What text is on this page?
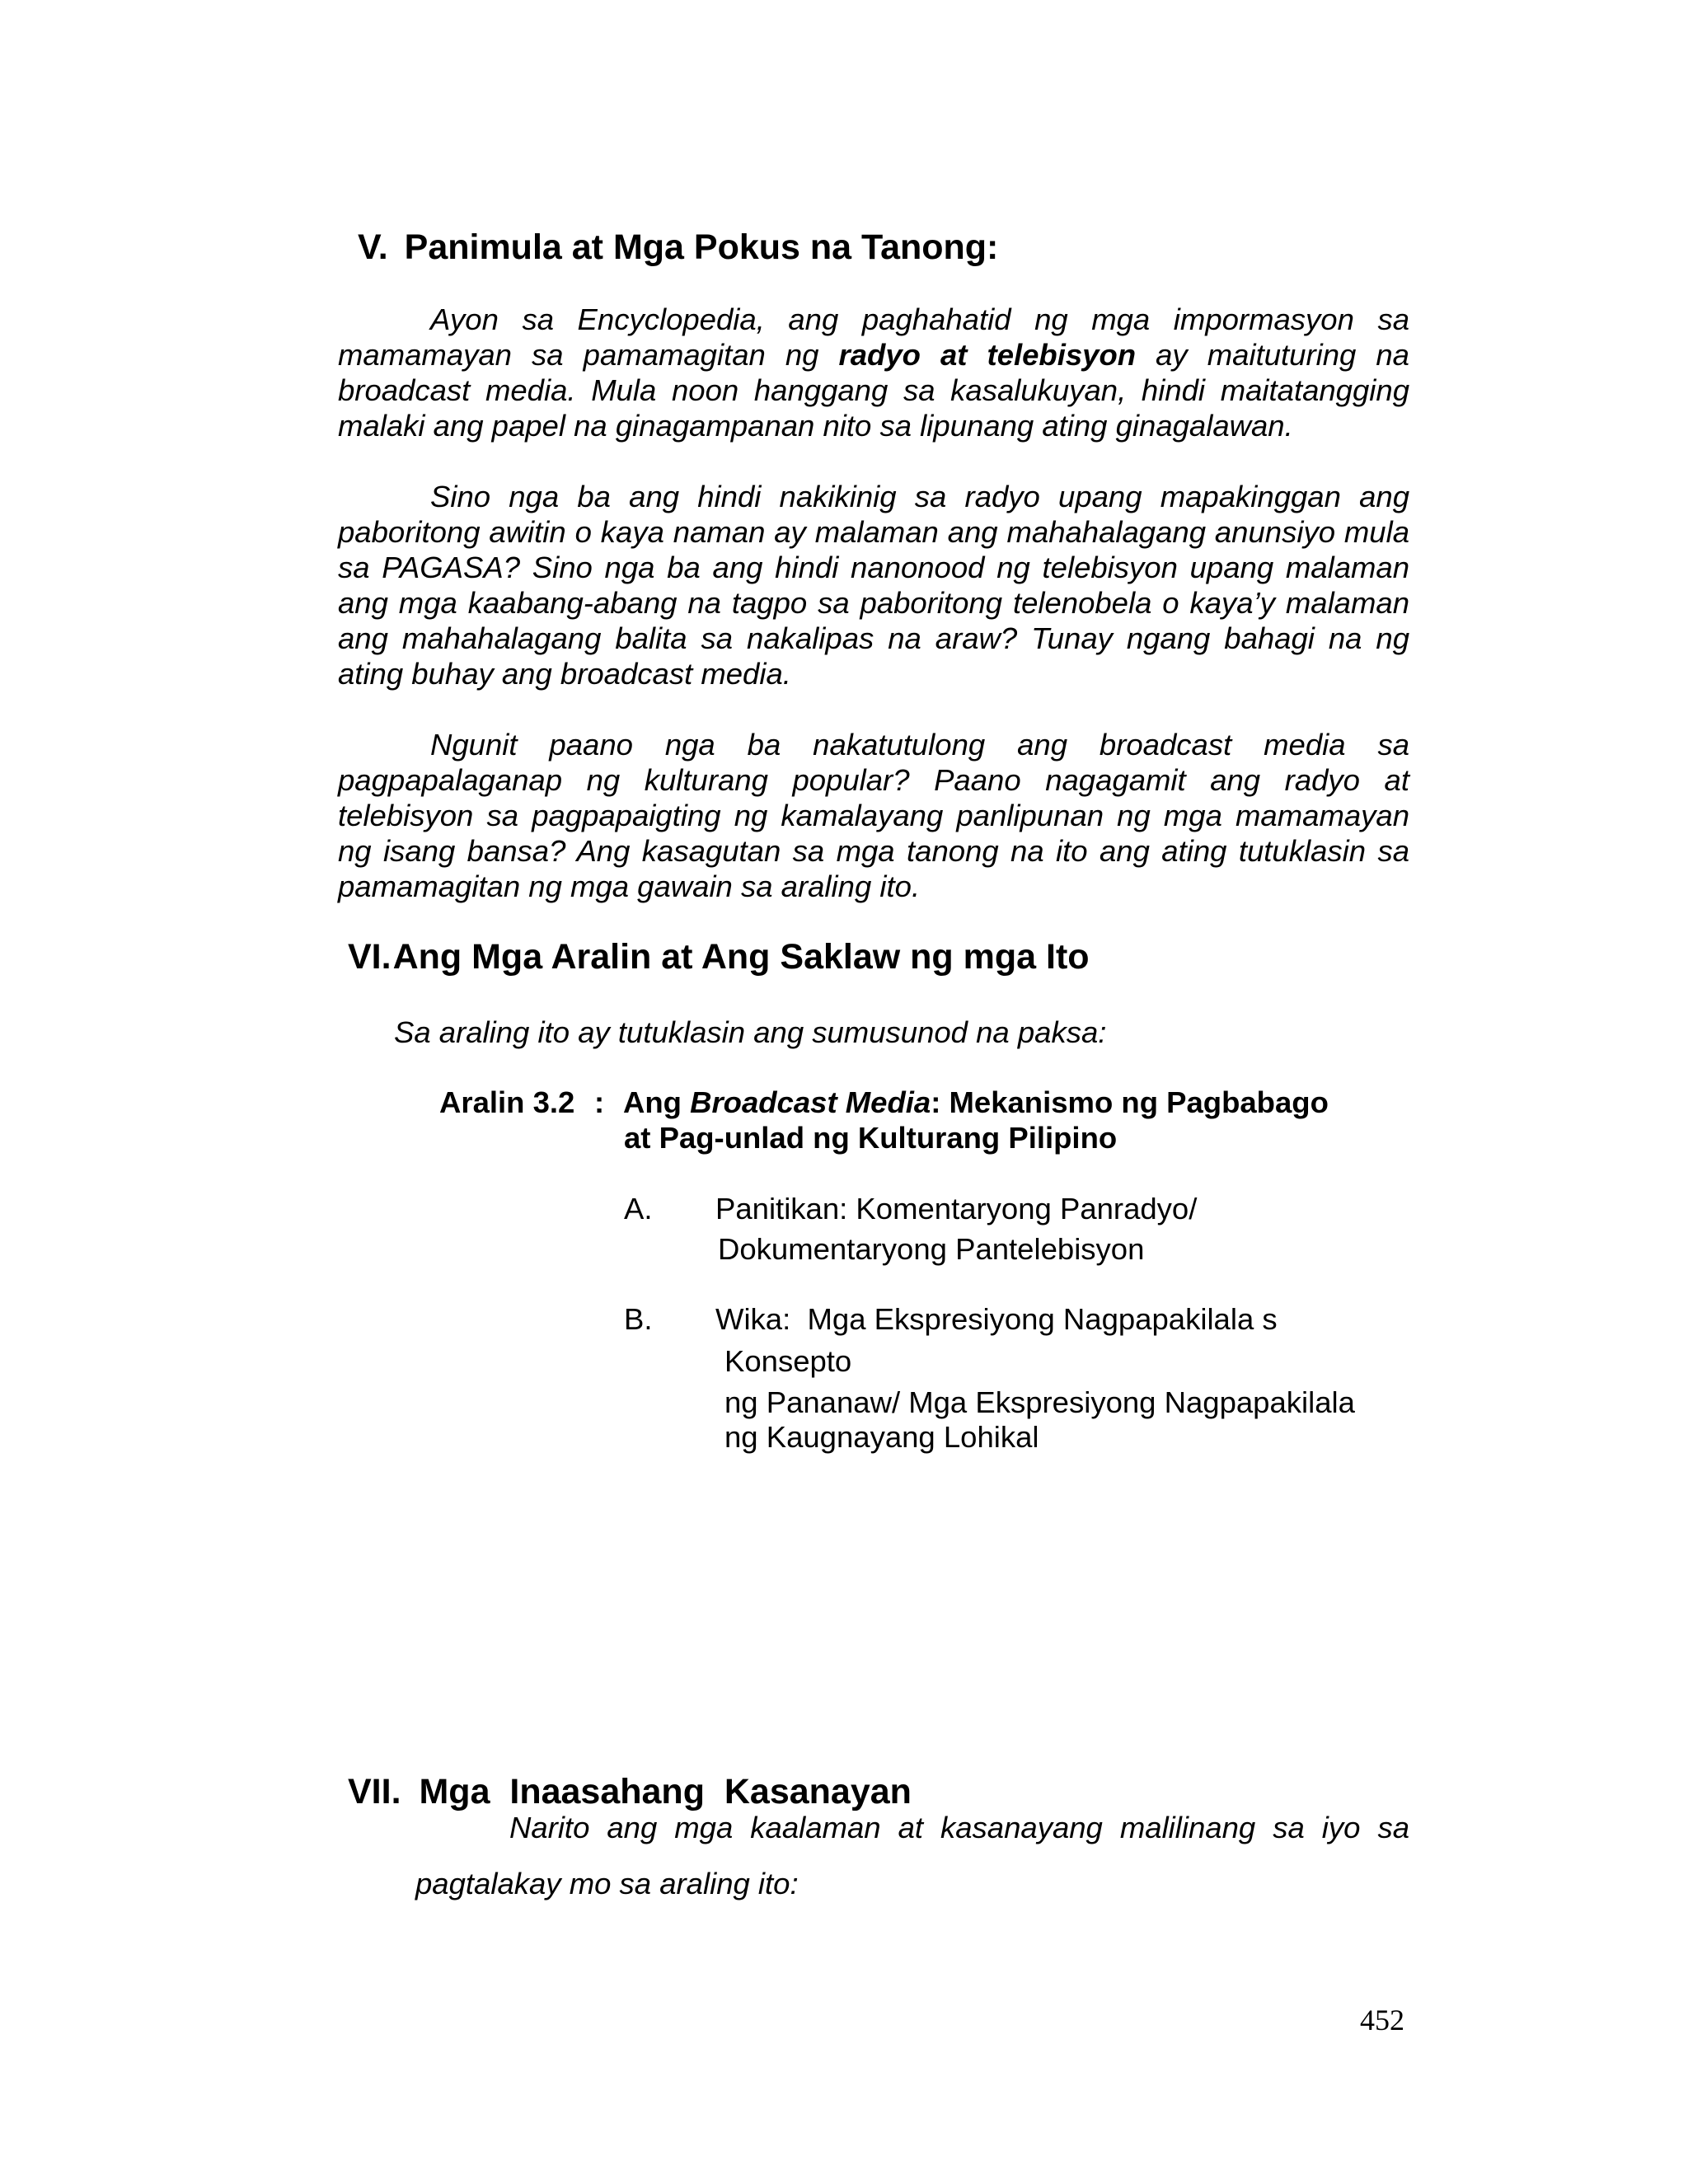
V. Panimula at Mga Pokus na Tanong:

Ayon sa Encyclopedia, ang paghahatid ng mga impormasyon sa mamamayan sa pamamagitan ng radyo at telebisyon ay maituturing na broadcast media. Mula noon hanggang sa kasalukuyan, hindi maitatangging malaki ang papel na ginagampanan nito sa lipunang ating ginagalawan.

Sino nga ba ang hindi nakikinig sa radyo upang mapakinggan ang paboritong awitin o kaya naman ay malaman ang mahahalagang anunsiyo mula sa PAGASA? Sino nga ba ang hindi nanonood ng telebisyon upang malaman ang mga kaabang-abang na tagpo sa paboritong telenobela o kaya’y malaman ang mahahalagang balita sa nakalipas na araw? Tunay ngang bahagi na ng ating buhay ang broadcast media.

Ngunit paano nga ba nakatutulong ang broadcast media sa pagpapalaganap ng kulturang popular? Paano nagagamit ang radyo at telebisyon sa pagpapaigting ng kamalayang panlipunan ng mga mamamayan ng isang bansa? Ang kasagutan sa mga tanong na ito ang ating tutuklasin sa pamamagitan ng mga gawain sa araling ito.

VI.Ang Mga Aralin at Ang Saklaw ng mga Ito
Sa araling ito ay tutuklasin ang sumusunod na paksa:
Aralin 3.2 : Ang Broadcast Media: Mekanismo ng Pagbabago
at Pag-unlad ng Kulturang Pilipino
A. Panitikan: Komentaryong Panradyo/
Dokumentaryong Pantelebisyon
B. Wika:  Mga Ekspresiyong Nagpapakilala s
Konsepto
ng Pananaw/ Mga Ekspresiyong Nagpapakilala
ng Kaugnayang Lohikal
VII. Mga  Inaasahang  Kasanayan
Narito ang mga kaalaman at kasanayang malilinang sa iyo sa
pagtalakay mo sa araling ito:
452
